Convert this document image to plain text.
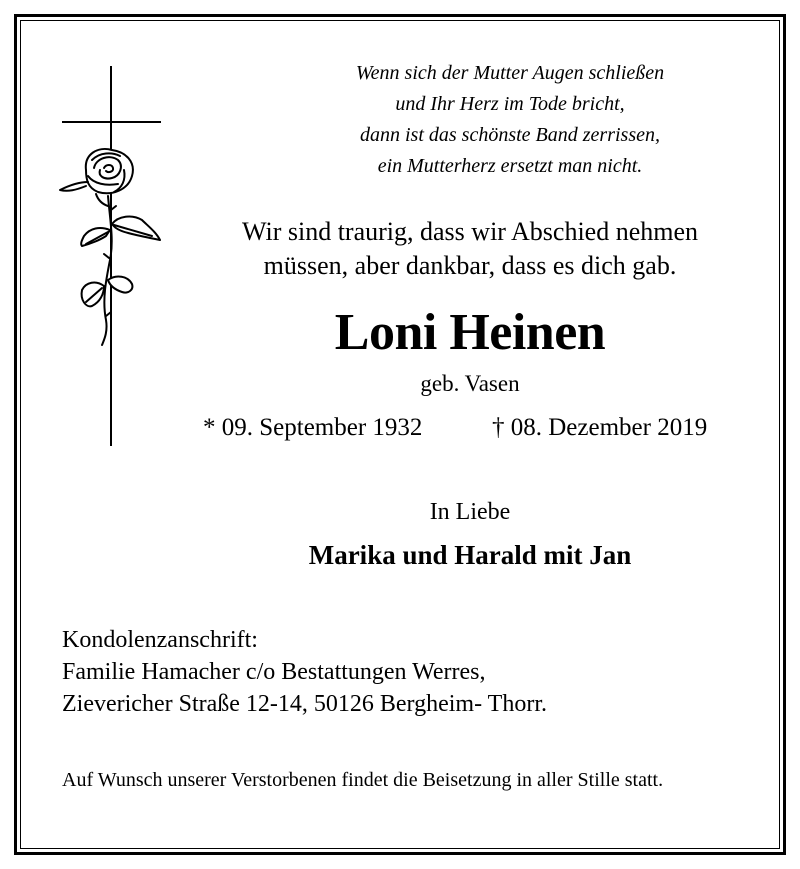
Wenn sich der Mutter Augen schließen
und Ihr Herz im Tode bricht,
dann ist das schönste Band zerrissen,
ein Mutterherz ersetzt man nicht.
Wir sind traurig, dass wir Abschied nehmen
müssen, aber dankbar, dass es dich gab.
Loni Heinen
geb. Vasen
* 09. September 1932	† 08. Dezember 2019
In Liebe
Marika und Harald mit Jan
Kondolenzanschrift:
Familie Hamacher c/o Bestattungen Werres,
Zieverich​er Straße 12-14, 50126 Bergheim- Thorr.
Auf Wunsch unserer Verstorbenen findet die Beisetzung in aller Stille statt.
